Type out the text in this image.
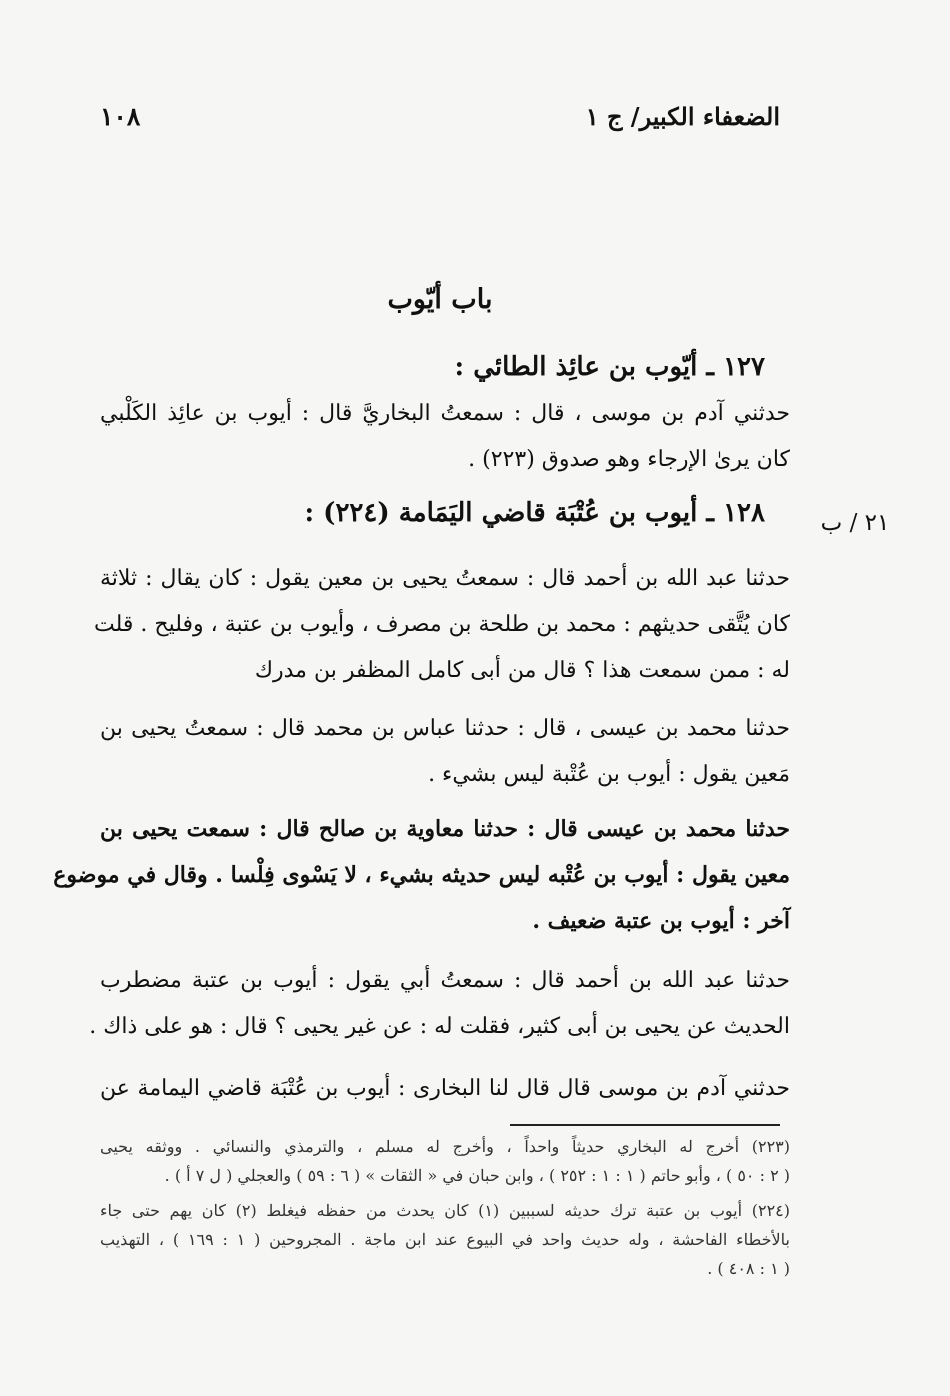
١٠٨	الضعفاء الكبير/ ج ١
باب أيّوب
٢١ / ب
١٢٧ ـ أيّوب بن عائِذ الطائي :
حدثني آدم بن موسى ، قال : سمعتُ البخاريَّ قال : أيوب بن عائِذ الكَلْبي
كان يرىٰ الإرجاء وهو صدوق (٢٢٣) .
١٢٨ ـ أيوب بن عُتْبَة قاضي اليَمَامة (٢٢٤) :
حدثنا عبد الله بن أحمد قال : سمعتُ يحيى بن معين يقول : كان يقال : ثلاثة
كان يُتَّقى حديثهم : محمد بن طلحة بن مصرف ، وأيوب بن عتبة ، وفليح . قلت
له : ممن سمعت هذا ؟ قال من أبى كامل المظفر بن مدرك
حدثنا محمد بن عيسى ، قال : حدثنا عباس بن محمد قال : سمعتُ يحيى بن
مَعين يقول : أيوب بن عُتْبة ليس بشيء .
حدثنا محمد بن عيسى قال : حدثنا معاوية بن صالح قال : سمعت يحيى بن
معين يقول : أيوب بن عُتْبه ليس حديثه بشيء ، لا يَسْوى فِلْسا . وقال في موضوع
آخر : أيوب بن عتبة ضعيف .
حدثنا عبد الله بن أحمد قال : سمعتُ أبي يقول : أيوب بن عتبة مضطرب
الحديث عن يحيى بن أبى كثير، فقلت له : عن غير يحيى ؟ قال : هو على ذاك .
حدثني آدم بن موسى قال قال لنا البخارى : أيوب بن عُتْبَة قاضي اليمامة عن
(٢٢٣) أخرج له البخاري حديثاً واحداً ، وأخرج له مسلم ، والترمذي والنسائي . ووثقه يحيى
( ٢ : ٥٠ ) ، وأبو حاتم ( ١ : ١ : ٢٥٢ ) ، وابن حبان في « الثقات » ( ٦ : ٥٩ ) والعجلي ( ل ٧ أ ) .
(٢٢٤) أيوب بن عتبة ترك حديثه لسببين (١) كان يحدث من حفظه فيغلط (٢) كان يهم حتى جاء
بالأخطاء الفاحشة ، وله حديث واحد في البيوع عند ابن ماجة . المجروحين ( ١ : ١٦٩ ) ، التهذيب
( ١ : ٤٠٨ ) .
